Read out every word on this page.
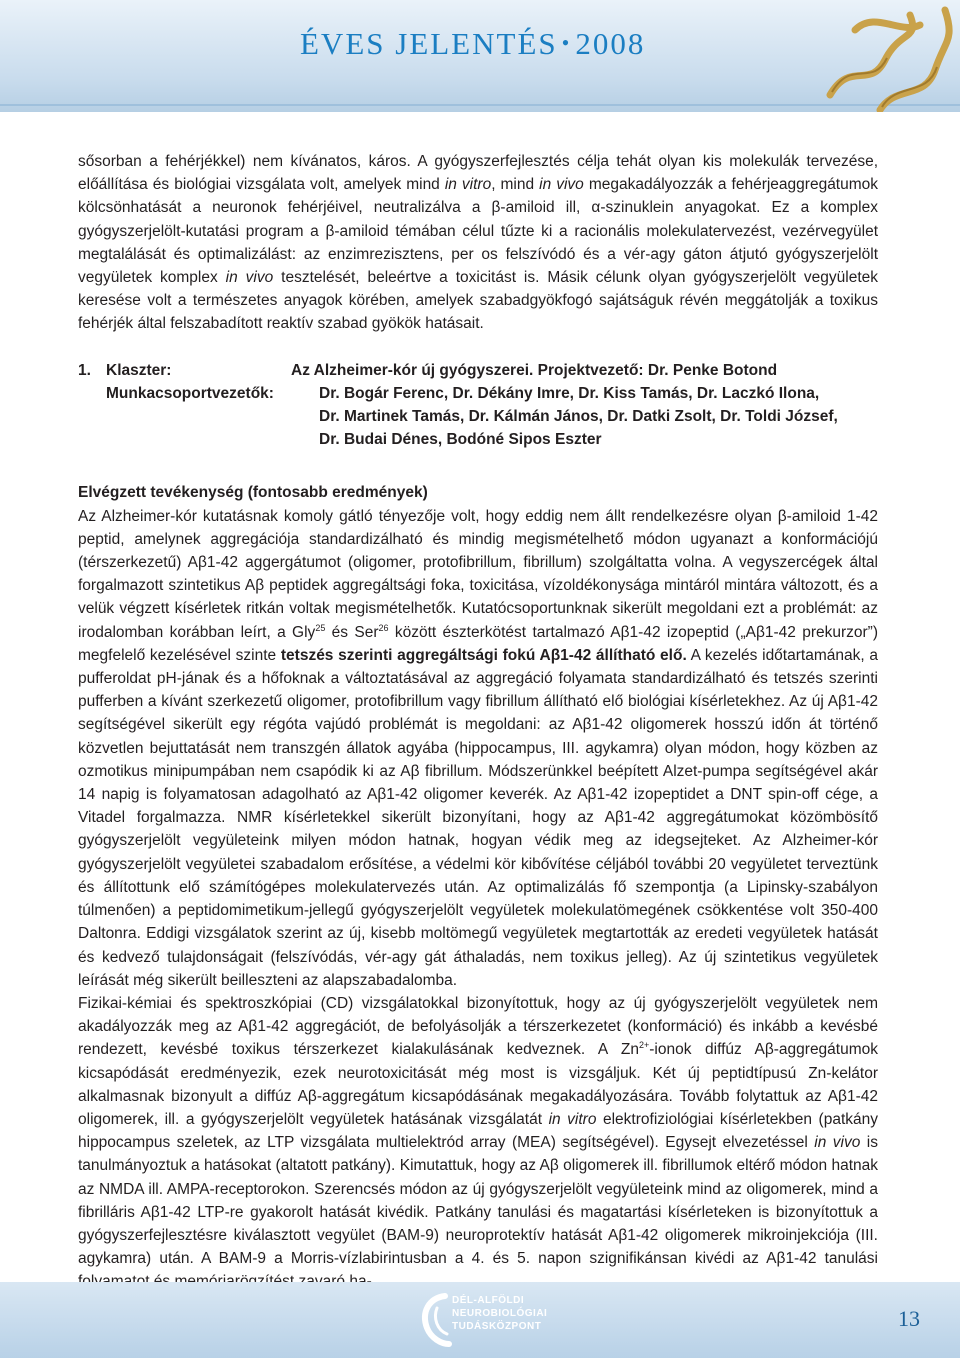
ÉVES JELENTÉS • 2008

sősorban a fehérjékkel) nem kívánatos, káros. A gyógyszerfejlesztés célja tehát olyan kis molekulák tervezése, előállítása és biológiai vizsgálata volt, amelyek mind in vitro, mind in vivo megakadályozzák a fehérjeaggregátumok kölcsönhatását a neuronok fehérjéivel, neutralizálva a β-amiloid ill, α-szinuklein anyagokat. Ez a komplex gyógyszerjelölt-kutatási program a β-amiloid témában célul tűzte ki a racionális molekulatervezést, vezérvegyület megtalálását és optimalizálást: az enzimrezisztens, per os felszívódó és a vér-agy gáton átjutó gyógyszerjelölt vegyületek komplex in vivo tesztelését, beleértve a toxicitást is. Másik célunk olyan gyógyszerjelölt vegyületek keresése volt a természetes anyagok körében, amelyek szabadgyökfogó sajátságuk révén meggátolják a toxikus fehérjék által felszabadított reaktív szabad gyökök hatásait.

1. Klaszter:	Az Alzheimer-kór új gyógyszerei. Projektvezető: Dr. Penke Botond
Munkacsoportvezetők:	Dr. Bogár Ferenc, Dr. Dékány Imre, Dr. Kiss Tamás, Dr. Laczkó Ilona,
Dr. Martinek Tamás, Dr. Kálmán János, Dr. Datki Zsolt, Dr. Toldi József,
Dr. Budai Dénes, Bodóné Sipos Eszter
Elvégzett tevékenység (fontosabb eredmények)

Az Alzheimer-kór kutatásnak komoly gátló tényezője volt, hogy eddig nem állt rendelkezésre olyan β-amiloid 1-42 peptid, amelynek aggregációja standardizálható és mindig megismételhető módon ugyanazt a konformációjú (térszerkezetű) Aβ1-42 aggergátumot (oligomer, protofibrillum, fibrillum) szolgáltatta volna. A vegyszercégek által forgalmazott szintetikus Aβ peptidek aggregáltsági foka, toxicitása, vízoldékonysága mintáról mintára változott, és a velük végzett kísérletek ritkán voltak megismételhetők. Kutatócsoportunknak sikerült megoldani ezt a problémát: az irodalomban korábban leírt, a Gly$^{25}$ és Ser$^{26}$ között észterkötést tartalmazó Aβ1-42 izopeptid („Aβ1-42 prekurzor”) megfelelő kezelésével szinte tetszés szerinti aggregáltsági fokú Aβ1-42 állítható elő. A kezelés időtartamának, a pufferoldat pH-jának és a hőfoknak a változtatásával az aggregáció folyamata standardizálható és tetszés szerinti pufferben a kívánt szerkezetű oligomer, protofibrillum vagy fibrillum állítható elő biológiai kísérletekhez. Az új Aβ1-42 segítségével sikerült egy régóta vajúdó problémát is megoldani: az Aβ1-42 oligomerek hosszú időn át történő közvetlen bejuttatását nem transzgén állatok agyába (hippocampus, III. agykamra) olyan módon, hogy közben az ozmotikus minipumpában nem csapódik ki az Aβ fibrillum. Módszerünkkel beépített Alzet-pumpa segítségével akár 14 napig is folyamatosan adagolható az Aβ1-42 oligomer keverék. Az Aβ1-42 izopeptidet a DNT spin-off cége, a Vitadel forgalmazza. NMR kísérletekkel sikerült bizonyítani, hogy az Aβ1-42 aggregátumokat közömbösítő gyógyszerjelölt vegyületeink milyen módon hatnak, hogyan védik meg az idegsejteket. Az Alzheimer-kór gyógyszerjelölt vegyületei szabadalom erősítése, a védelmi kör kibővítése céljából további 20 vegyületet terveztünk és állítottunk elő számítógépes molekulatervezés után. Az optimalizálás fő szempontja (a Lipinsky-szabályon túlmenően) a peptidomimetikum-jellegű gyógyszerjelölt vegyületek molekulatömegének csökkentése volt 350-400 Daltonra. Eddigi vizsgálatok szerint az új, kisebb moltömegű vegyületek megtartották az eredeti vegyületek hatását és kedvező tulajdonságait (felszívódás, vér-agy gát áthaladás, nem toxikus jelleg). Az új szintetikus vegyületek leírását még sikerült beilleszteni az alapszabadalomba.

Fizikai-kémiai és spektroszkópiai (CD) vizsgálatokkal bizonyítottuk, hogy az új gyógyszerjelölt vegyületek nem akadályozzák meg az Aβ1-42 aggregációt, de befolyásolják a térszerkezetet (konformáció) és inkább a kevésbé rendezett, kevésbé toxikus térszerkezet kialakulásának kedveznek. A $Zn^{2+}$-ionok diffúz Aβ-aggregátumok kicsapódását eredményezik, ezek neurotoxicitását még most is vizsgáljuk. Két új peptidtípusú Zn-kelátor alkalmasnak bizonyult a diffúz Aβ-aggregátum kicsapódásának megakadályozására. Tovább folytattuk az Aβ1-42 oligomerek, ill. a gyógyszerjelölt vegyületek hatásának vizsgálatát in vitro elektrofiziológiai kísérletekben (patkány hippocampus szeletek, az LTP vizsgálata multielektród array (MEA) segítségével). Egysejt elvezetéssel in vivo is tanulmányoztuk a hatásokat (altatott patkány). Kimutattuk, hogy az Aβ oligomerek ill. fibrillumok eltérő módon hatnak az NMDA ill. AMPA-receptorokon. Szerencsés módon az új gyógyszerjelölt vegyületeink mind az oligomerek, mind a fibrilláris Aβ1-42 LTP-re gyakorolt hatását kivédik. Patkány tanulási és magatartási kísérleteken is bizonyítottuk a gyógyszerfejlesztésre kiválasztott vegyület (BAM-9) neuroprotektív hatását Aβ1-42 oligomerek mikroinjekciója (III. agykamra) után. A BAM-9 a Morris-vízlabirintusban a 4. és 5. napon szignifikánsan kivédi az Aβ1-42 tanulási

DÉL-ALFÖLDI
NEUROBIOLÓGIAI
TUDÁSKÖZPONT	13
